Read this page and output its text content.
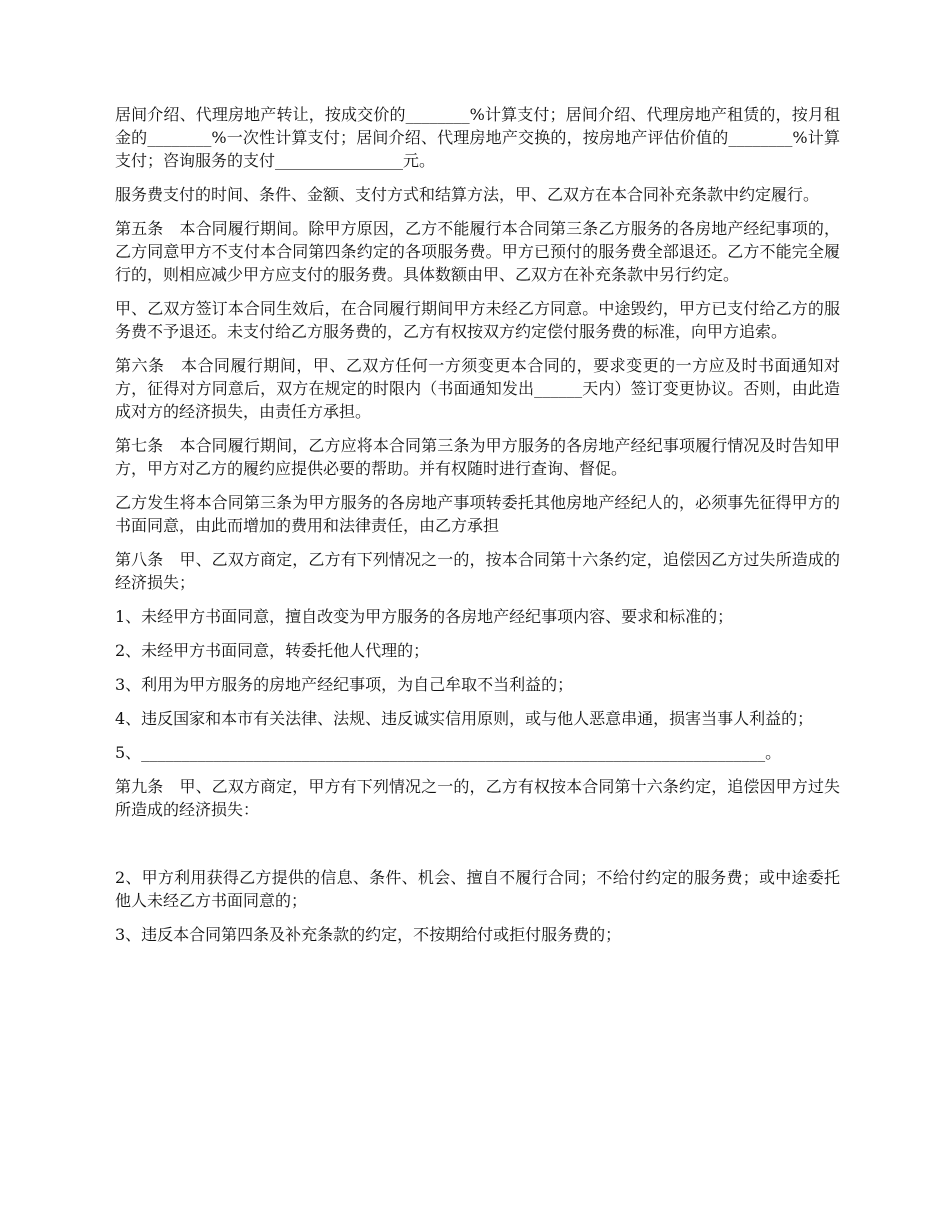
居间介绍、代理房地产转让，按成交价的________%计算支付；居间介绍、代理房地产租赁的，按月租金的________%一次性计算支付；居间介绍、代理房地产交换的，按房地产评估价值的________%计算支付；咨询服务的支付________________元。

服务费支付的时间、条件、金额、支付方式和结算方法，甲、乙双方在本合同补充条款中约定履行。

第五条　本合同履行期间。除甲方原因，乙方不能履行本合同第三条乙方服务的各房地产经纪事项的，乙方同意甲方不支付本合同第四条约定的各项服务费。甲方已预付的服务费全部退还。乙方不能完全履行的，则相应减少甲方应支付的服务费。具体数额由甲、乙双方在补充条款中另行约定。

甲、乙双方签订本合同生效后，在合同履行期间甲方未经乙方同意。中途毁约，甲方已支付给乙方的服务费不予退还。未支付给乙方服务费的，乙方有权按双方约定偿付服务费的标准，向甲方追索。

第六条　本合同履行期间，甲、乙双方任何一方须变更本合同的，要求变更的一方应及时书面通知对方，征得对方同意后，双方在规定的时限内（书面通知发出______天内）签订变更协议。否则，由此造成对方的经济损失，由责任方承担。

第七条　本合同履行期间，乙方应将本合同第三条为甲方服务的各房地产经纪事项履行情况及时告知甲方，甲方对乙方的履约应提供必要的帮助。并有权随时进行查询、督促。

乙方发生将本合同第三条为甲方服务的各房地产事项转委托其他房地产经纪人的，必须事先征得甲方的书面同意，由此而增加的费用和法律责任，由乙方承担

第八条　甲、乙双方商定，乙方有下列情况之一的，按本合同第十六条约定，追偿因乙方过失所造成的经济损失；

1、未经甲方书面同意，擅自改变为甲方服务的各房地产经纪事项内容、要求和标准的；

2、未经甲方书面同意，转委托他人代理的；

3、利用为甲方服务的房地产经纪事项，为自己牟取不当利益的；

4、违反国家和本市有关法律、法规、违反诚实信用原则，或与他人恶意串通，损害当事人利益的；

5、______________________________________________________________________________。

第九条　甲、乙双方商定，甲方有下列情况之一的，乙方有权按本合同第十六条约定，追偿因甲方过失所造成的经济损失：

2、甲方利用获得乙方提供的信息、条件、机会、擅自不履行合同；不给付约定的服务费；或中途委托他人未经乙方书面同意的；

3、违反本合同第四条及补充条款的约定，不按期给付或拒付服务费的；
